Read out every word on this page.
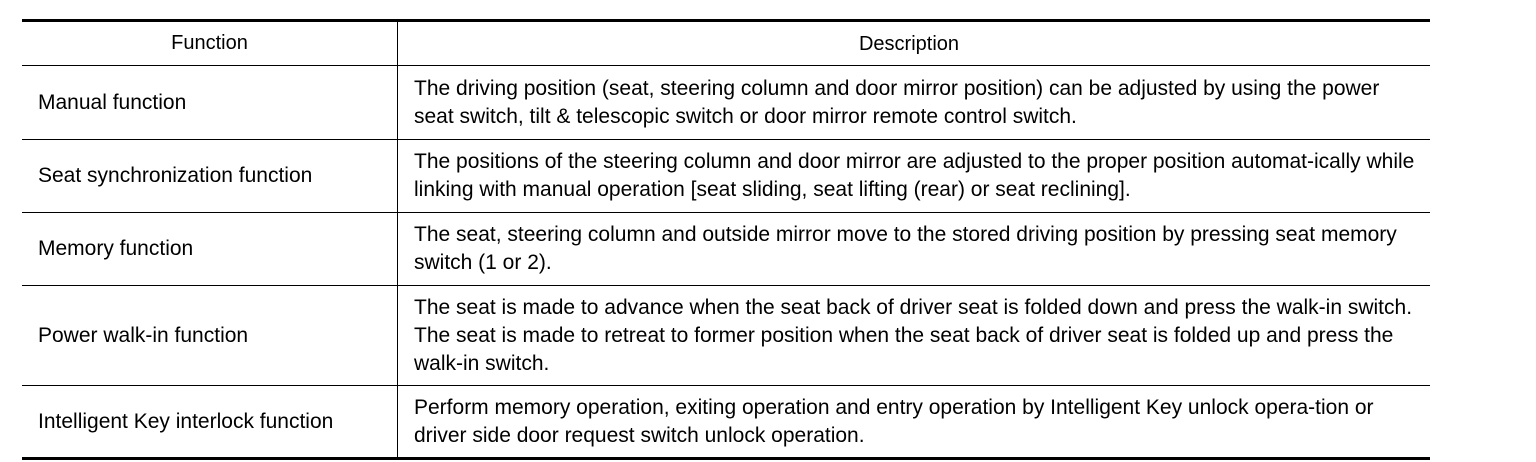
Function	Description
Manual function
The driving position (seat, steering column and door mirror position) can be adjusted by using the power seat switch, tilt & telescopic switch or door mirror remote control switch.
Seat synchronization function
The positions of the steering column and door mirror are adjusted to the proper position automat-ically while linking with manual operation [seat sliding, seat lifting (rear) or seat reclining].
Memory function
The seat, steering column and outside mirror move to the stored driving position by pressing seat memory switch (1 or 2).
Power walk-in function
The seat is made to advance when the seat back of driver seat is folded down and press the walk-in switch. The seat is made to retreat to former position when the seat back of driver seat is folded up and press the walk-in switch.
Intelligent Key interlock function
Perform memory operation, exiting operation and entry operation by Intelligent Key unlock opera-tion or driver side door request switch unlock operation.
